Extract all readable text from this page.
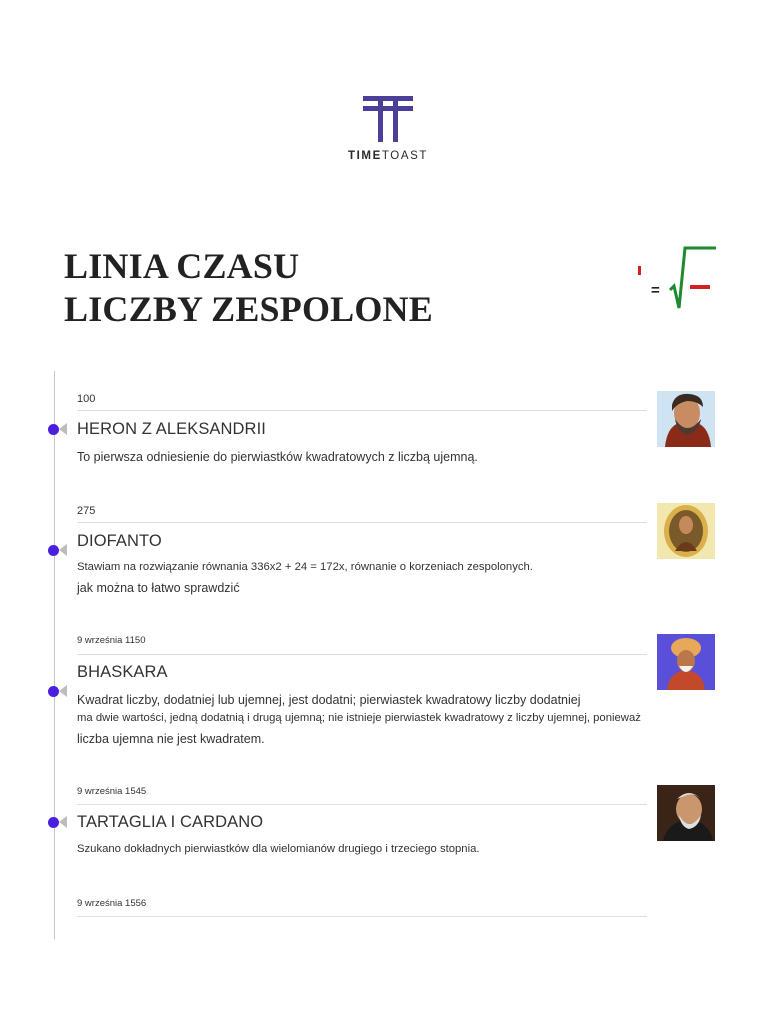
TIMETOAST
LINIA CZASU
LICZBY ZESPOLONE	=
100
HERON Z ALEKSANDRII
To pierwsza odniesienie do pierwiastków kwadratowych z liczbą ujemną.
275
DIOFANTO
Stawiam na rozwiązanie równania 336x2 + 24 = 172x, równanie o korzeniach zespolonych.
jak można to łatwo sprawdzić
9 września 1150
BHASKARA
Kwadrat liczby, dodatniej lub ujemnej, jest dodatni; pierwiastek kwadratowy liczby dodatniej
ma dwie wartości, jedną dodatnią i drugą ujemną; nie istnieje pierwiastek kwadratowy z liczby ujemnej, ponieważ
liczba ujemna nie jest kwadratem.
9 września 1545
TARTAGLIA I CARDANO
Szukano dokładnych pierwiastków dla wielomianów drugiego i trzeciego stopnia.
9 września 1556
